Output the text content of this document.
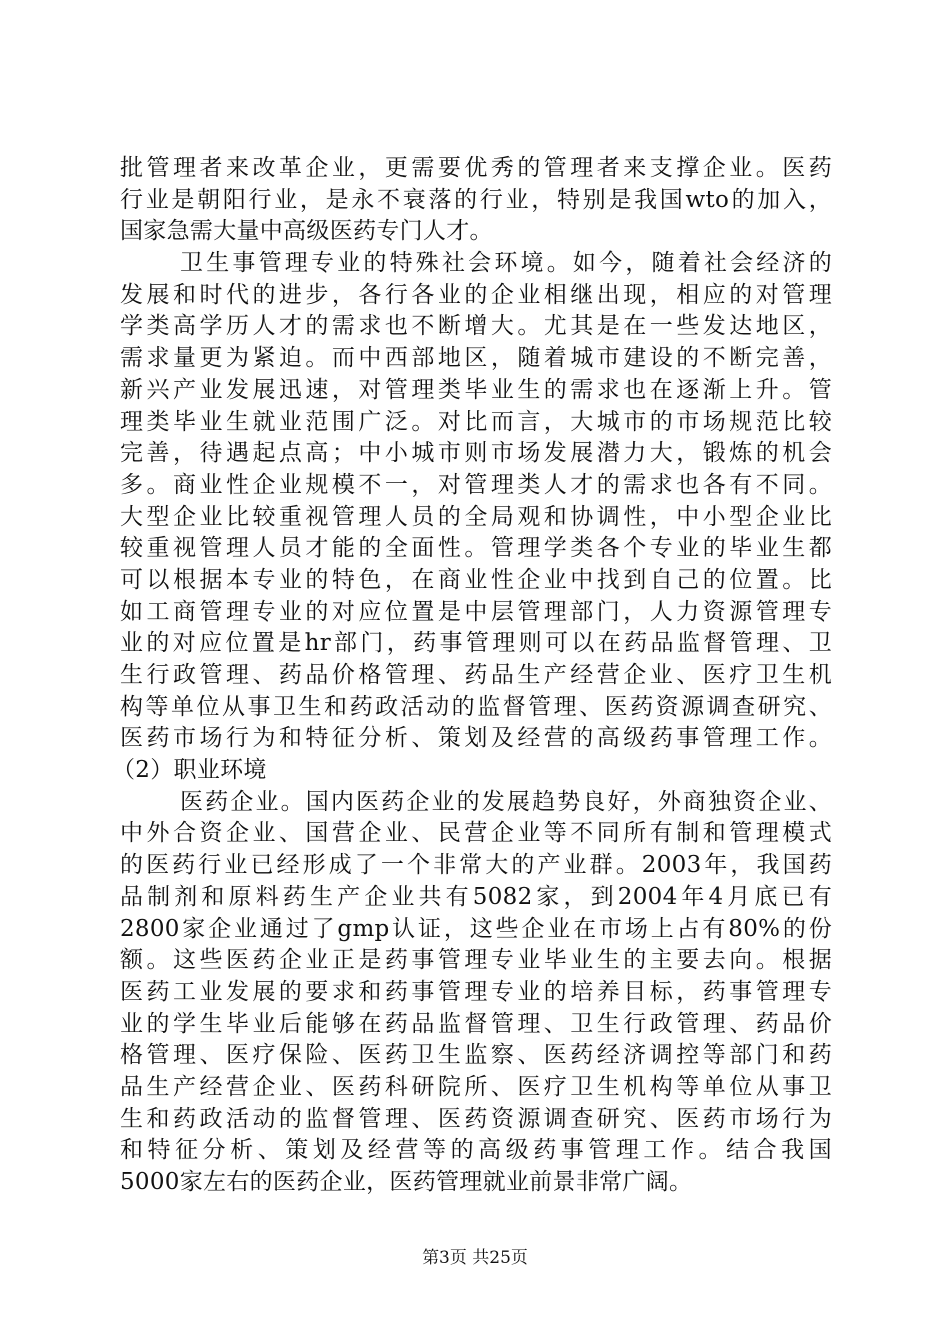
批管理者来改革企业，更需要优秀的管理者来支撑企业。医药
行业是朝阳行业，是永不衰落的行业，特别是我国wto的加入，
国家急需大量中高级医药专门人才。
卫生事管理专业的特殊社会环境。如今，随着社会经济的
发展和时代的进步，各行各业的企业相继出现，相应的对管理
学类高学历人才的需求也不断增大。尤其是在一些发达地区，
需求量更为紧迫。而中西部地区，随着城市建设的不断完善，
新兴产业发展迅速，对管理类毕业生的需求也在逐渐上升。管
理类毕业生就业范围广泛。对比而言，大城市的市场规范比较
完善，待遇起点高；中小城市则市场发展潜力大，锻炼的机会
多。商业性企业规模不一，对管理类人才的需求也各有不同。
大型企业比较重视管理人员的全局观和协调性，中小型企业比
较重视管理人员才能的全面性。管理学类各个专业的毕业生都
可以根据本专业的特色，在商业性企业中找到自己的位置。比
如工商管理专业的对应位置是中层管理部门，人力资源管理专
业的对应位置是hr部门，药事管理则可以在药品监督管理、卫
生行政管理、药品价格管理、药品生产经营企业、医疗卫生机
构等单位从事卫生和药政活动的监督管理、医药资源调查研究、
医药市场行为和特征分析、策划及经营的高级药事管理工作。
（2）职业环境
医药企业。国内医药企业的发展趋势良好，外商独资企业、
中外合资企业、国营企业、民营企业等不同所有制和管理模式
的医药行业已经形成了一个非常大的产业群。2003年，我国药
品制剂和原料药生产企业共有5082家，到2004年4月底已有
2800家企业通过了gmp认证，这些企业在市场上占有80%的份
额。这些医药企业正是药事管理专业毕业生的主要去向。根据
医药工业发展的要求和药事管理专业的培养目标，药事管理专
业的学生毕业后能够在药品监督管理、卫生行政管理、药品价
格管理、医疗保险、医药卫生监察、医药经济调控等部门和药
品生产经营企业、医药科研院所、医疗卫生机构等单位从事卫
生和药政活动的监督管理、医药资源调查研究、医药市场行为
和特征分析、策划及经营等的高级药事管理工作。结合我国
5000家左右的医药企业，医药管理就业前景非常广阔。
第3页 共25页
